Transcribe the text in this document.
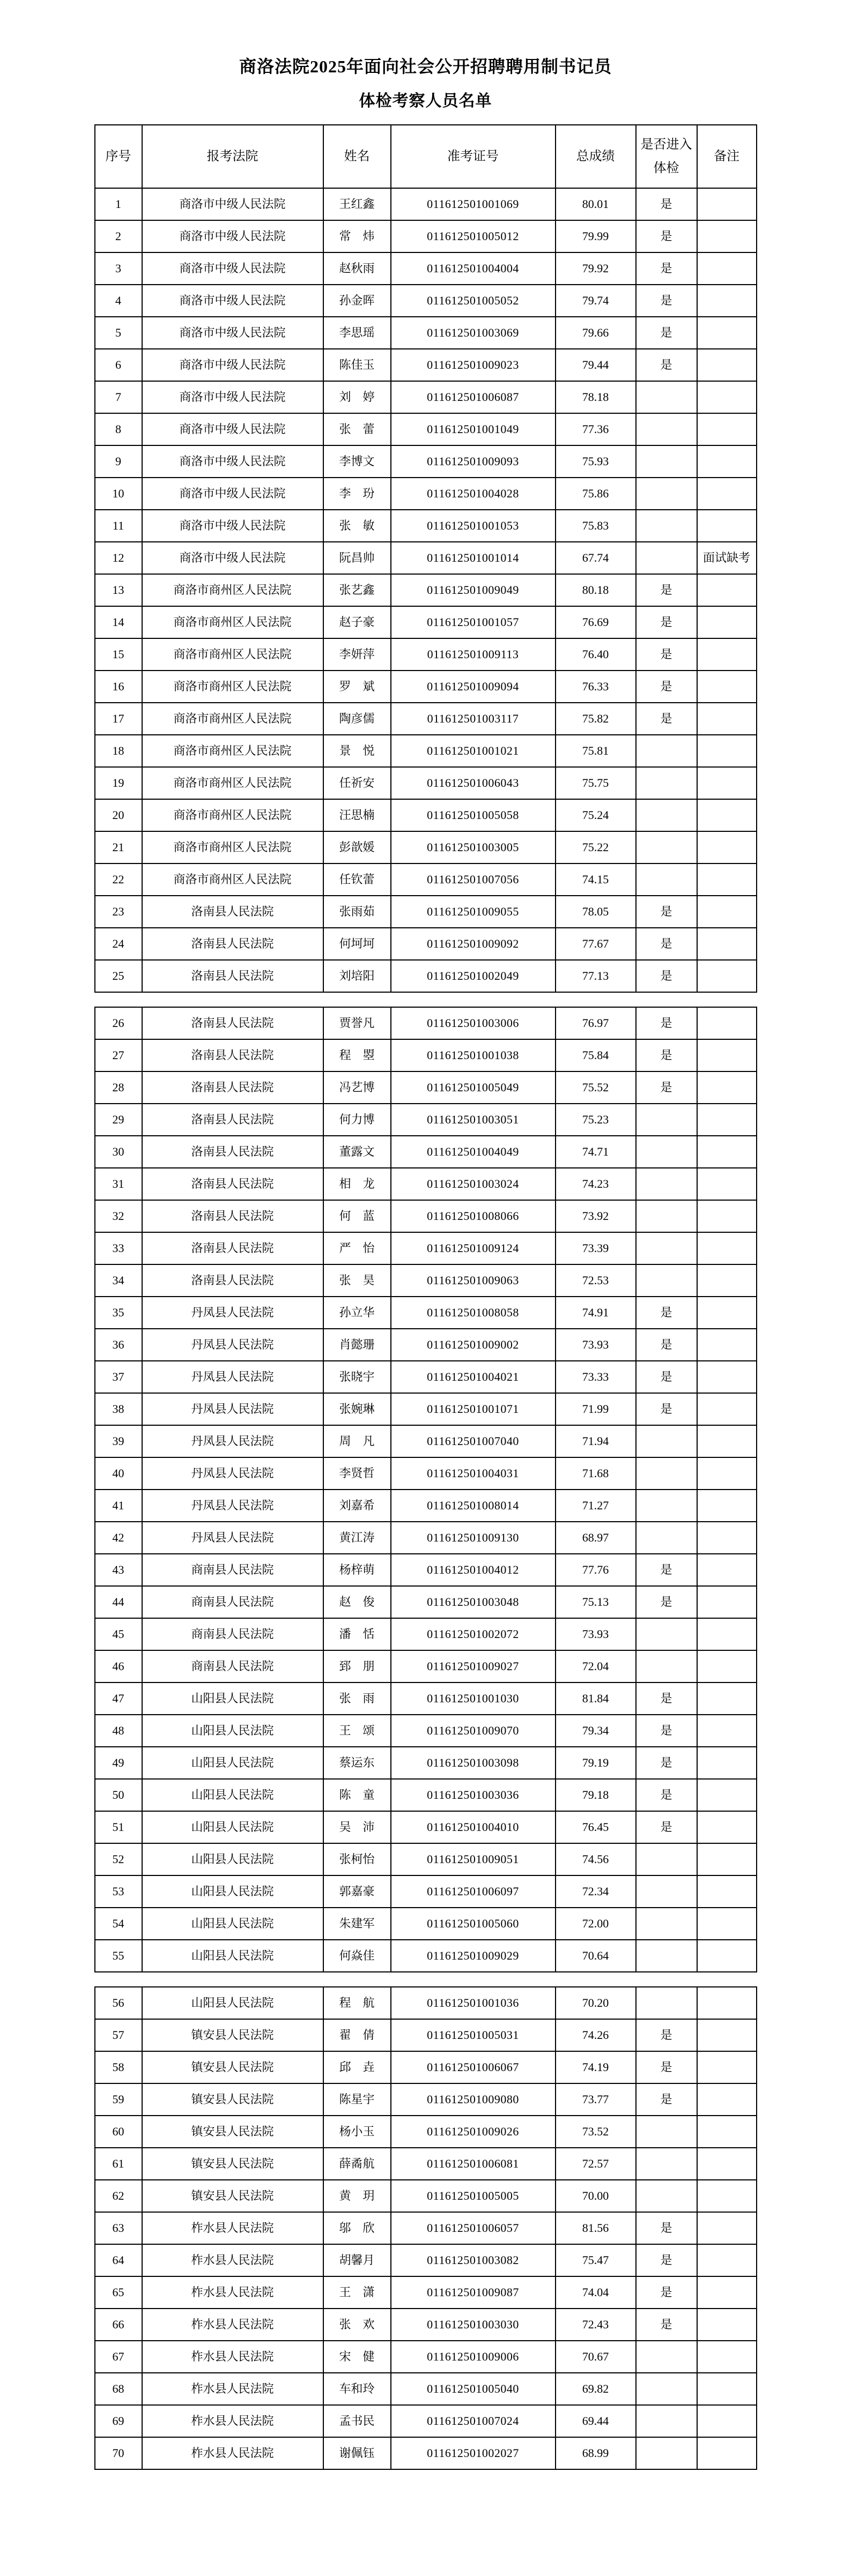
商洛法院2025年面向社会公开招聘聘用制书记员
体检考察人员名单
序号	报考法院	姓名	准考证号	总成绩	是否进入体检	备注
1	商洛市中级人民法院	王红鑫	011612501001069	80.01	是	
2	商洛市中级人民法院	常　炜	011612501005012	79.99	是	
3	商洛市中级人民法院	赵秋雨	011612501004004	79.92	是	
4	商洛市中级人民法院	孙金晖	011612501005052	79.74	是	
5	商洛市中级人民法院	李思瑶	011612501003069	79.66	是	
6	商洛市中级人民法院	陈佳玉	011612501009023	79.44	是	
7	商洛市中级人民法院	刘　婷	011612501006087	78.18		
8	商洛市中级人民法院	张　蕾	011612501001049	77.36		
9	商洛市中级人民法院	李博文	011612501009093	75.93		
10	商洛市中级人民法院	李　玢	011612501004028	75.86		
11	商洛市中级人民法院	张　敏	011612501001053	75.83		
12	商洛市中级人民法院	阮昌帅	011612501001014	67.74		面试缺考
13	商洛市商州区人民法院	张艺鑫	011612501009049	80.18	是	
14	商洛市商州区人民法院	赵子豪	011612501001057	76.69	是	
15	商洛市商州区人民法院	李妍萍	011612501009113	76.40	是	
16	商洛市商州区人民法院	罗　斌	011612501009094	76.33	是	
17	商洛市商州区人民法院	陶彦儒	011612501003117	75.82	是	
18	商洛市商州区人民法院	景　悦	011612501001021	75.81		
19	商洛市商州区人民法院	任祈安	011612501006043	75.75		
20	商洛市商州区人民法院	汪思楠	011612501005058	75.24		
21	商洛市商州区人民法院	彭歆媛	011612501003005	75.22		
22	商洛市商州区人民法院	任钦蕾	011612501007056	74.15		
23	洛南县人民法院	张雨茹	011612501009055	78.05	是	
24	洛南县人民法院	何坷坷	011612501009092	77.67	是	
25	洛南县人民法院	刘培阳	011612501002049	77.13	是	
26	洛南县人民法院	贾誉凡	011612501003006	76.97	是	
27	洛南县人民法院	程　曌	011612501001038	75.84	是	
28	洛南县人民法院	冯艺博	011612501005049	75.52	是	
29	洛南县人民法院	何力博	011612501003051	75.23		
30	洛南县人民法院	董露文	011612501004049	74.71		
31	洛南县人民法院	相　龙	011612501003024	74.23		
32	洛南县人民法院	何　蓝	011612501008066	73.92		
33	洛南县人民法院	严　怡	011612501009124	73.39		
34	洛南县人民法院	张　昊	011612501009063	72.53		
35	丹凤县人民法院	孙立华	011612501008058	74.91	是	
36	丹凤县人民法院	肖懿珊	011612501009002	73.93	是	
37	丹凤县人民法院	张晓宇	011612501004021	73.33	是	
38	丹凤县人民法院	张婉琳	011612501001071	71.99	是	
39	丹凤县人民法院	周　凡	011612501007040	71.94		
40	丹凤县人民法院	李贤哲	011612501004031	71.68		
41	丹凤县人民法院	刘嘉希	011612501008014	71.27		
42	丹凤县人民法院	黄江涛	011612501009130	68.97		
43	商南县人民法院	杨梓萌	011612501004012	77.76	是	
44	商南县人民法院	赵　俊	011612501003048	75.13	是	
45	商南县人民法院	潘　恬	011612501002072	73.93		
46	商南县人民法院	郅　朋	011612501009027	72.04		
47	山阳县人民法院	张　雨	011612501001030	81.84	是	
48	山阳县人民法院	王　颂	011612501009070	79.34	是	
49	山阳县人民法院	蔡运东	011612501003098	79.19	是	
50	山阳县人民法院	陈　童	011612501003036	79.18	是	
51	山阳县人民法院	吴　沛	011612501004010	76.45	是	
52	山阳县人民法院	张柯怡	011612501009051	74.56		
53	山阳县人民法院	郭嘉豪	011612501006097	72.34		
54	山阳县人民法院	朱建军	011612501005060	72.00		
55	山阳县人民法院	何焱佳	011612501009029	70.64		
56	山阳县人民法院	程　航	011612501001036	70.20		
57	镇安县人民法院	翟　倩	011612501005031	74.26	是	
58	镇安县人民法院	邱　垚	011612501006067	74.19	是	
59	镇安县人民法院	陈星宇	011612501009080	73.77	是	
60	镇安县人民法院	杨小玉	011612501009026	73.52		
61	镇安县人民法院	薛矞航	011612501006081	72.57		
62	镇安县人民法院	黄　玥	011612501005005	70.00		
63	柞水县人民法院	邬　欣	011612501006057	81.56	是	
64	柞水县人民法院	胡馨月	011612501003082	75.47	是	
65	柞水县人民法院	王　潇	011612501009087	74.04	是	
66	柞水县人民法院	张　欢	011612501003030	72.43	是	
67	柞水县人民法院	宋　健	011612501009006	70.67		
68	柞水县人民法院	车和玲	011612501005040	69.82		
69	柞水县人民法院	孟书民	011612501007024	69.44		
70	柞水县人民法院	谢佩钰	011612501002027	68.99		
